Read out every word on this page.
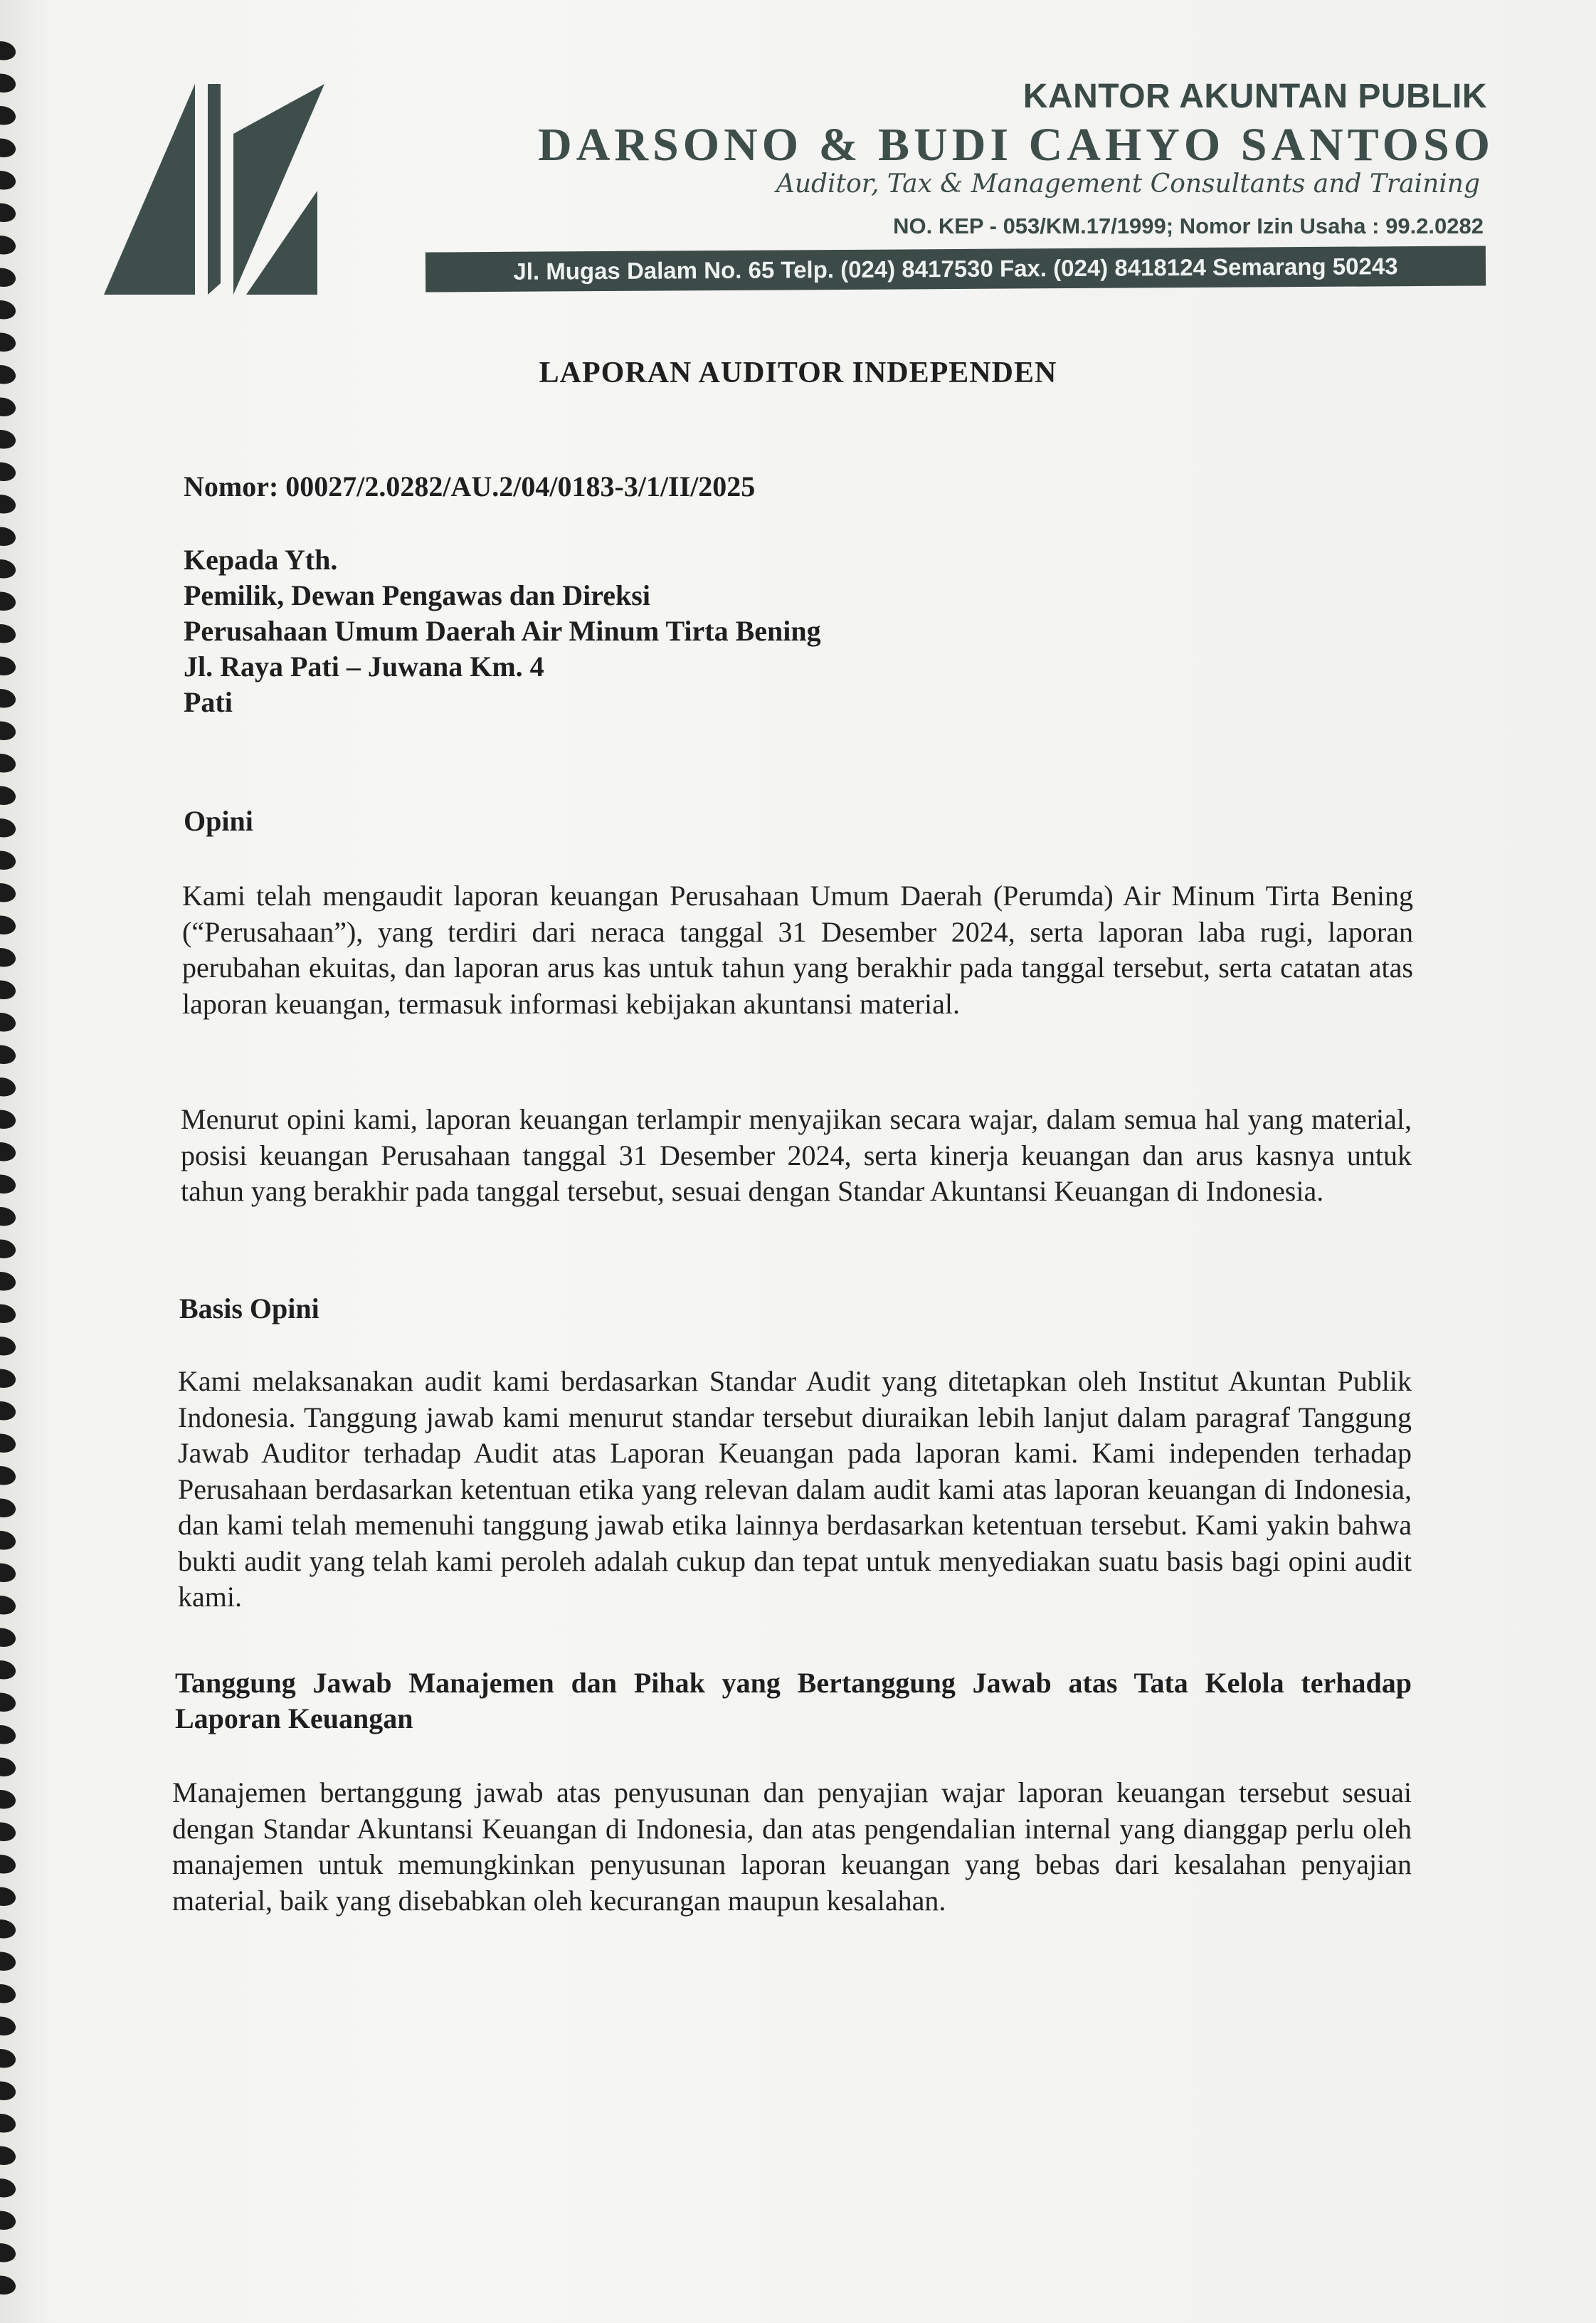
KANTOR AKUNTAN PUBLIK
DARSONO & BUDI CAHYO SANTOSO
Auditor, Tax & Management Consultants and Training
NO. KEP - 053/KM.17/1999; Nomor Izin Usaha : 99.2.0282
Jl. Mugas Dalam No. 65 Telp. (024) 8417530 Fax. (024) 8418124 Semarang 50243
LAPORAN AUDITOR INDEPENDEN
Nomor: 00027/2.0282/AU.2/04/0183-3/1/II/2025
Kepada Yth.
Pemilik, Dewan Pengawas dan Direksi
Perusahaan Umum Daerah Air Minum Tirta Bening
Jl. Raya Pati – Juwana Km. 4
Pati
Opini
Kami telah mengaudit laporan keuangan Perusahaan Umum Daerah (Perumda) Air Minum Tirta Bening (“Perusahaan”), yang terdiri dari neraca tanggal 31 Desember 2024, serta laporan laba rugi, laporan perubahan ekuitas, dan laporan arus kas untuk tahun yang berakhir pada tanggal tersebut, serta catatan atas laporan keuangan, termasuk informasi kebijakan akuntansi material.
Menurut opini kami, laporan keuangan terlampir menyajikan secara wajar, dalam semua hal yang material, posisi keuangan Perusahaan tanggal 31 Desember 2024, serta kinerja keuangan dan arus kasnya untuk tahun yang berakhir pada tanggal tersebut, sesuai dengan Standar Akuntansi Keuangan di Indonesia.
Basis Opini
Kami melaksanakan audit kami berdasarkan Standar Audit yang ditetapkan oleh Institut Akuntan Publik Indonesia. Tanggung jawab kami menurut standar tersebut diuraikan lebih lanjut dalam paragraf Tanggung Jawab Auditor terhadap Audit atas Laporan Keuangan pada laporan kami. Kami independen terhadap Perusahaan berdasarkan ketentuan etika yang relevan dalam audit kami atas laporan keuangan di Indonesia, dan kami telah memenuhi tanggung jawab etika lainnya berdasarkan ketentuan tersebut. Kami yakin bahwa bukti audit yang telah kami peroleh adalah cukup dan tepat untuk menyediakan suatu basis bagi opini audit kami.
Tanggung Jawab Manajemen dan Pihak yang Bertanggung Jawab atas Tata Kelola terhadap Laporan Keuangan
Manajemen bertanggung jawab atas penyusunan dan penyajian wajar laporan keuangan tersebut sesuai dengan Standar Akuntansi Keuangan di Indonesia, dan atas pengendalian internal yang dianggap perlu oleh manajemen untuk memungkinkan penyusunan laporan keuangan yang bebas dari kesalahan penyajian material, baik yang disebabkan oleh kecurangan maupun kesalahan.
